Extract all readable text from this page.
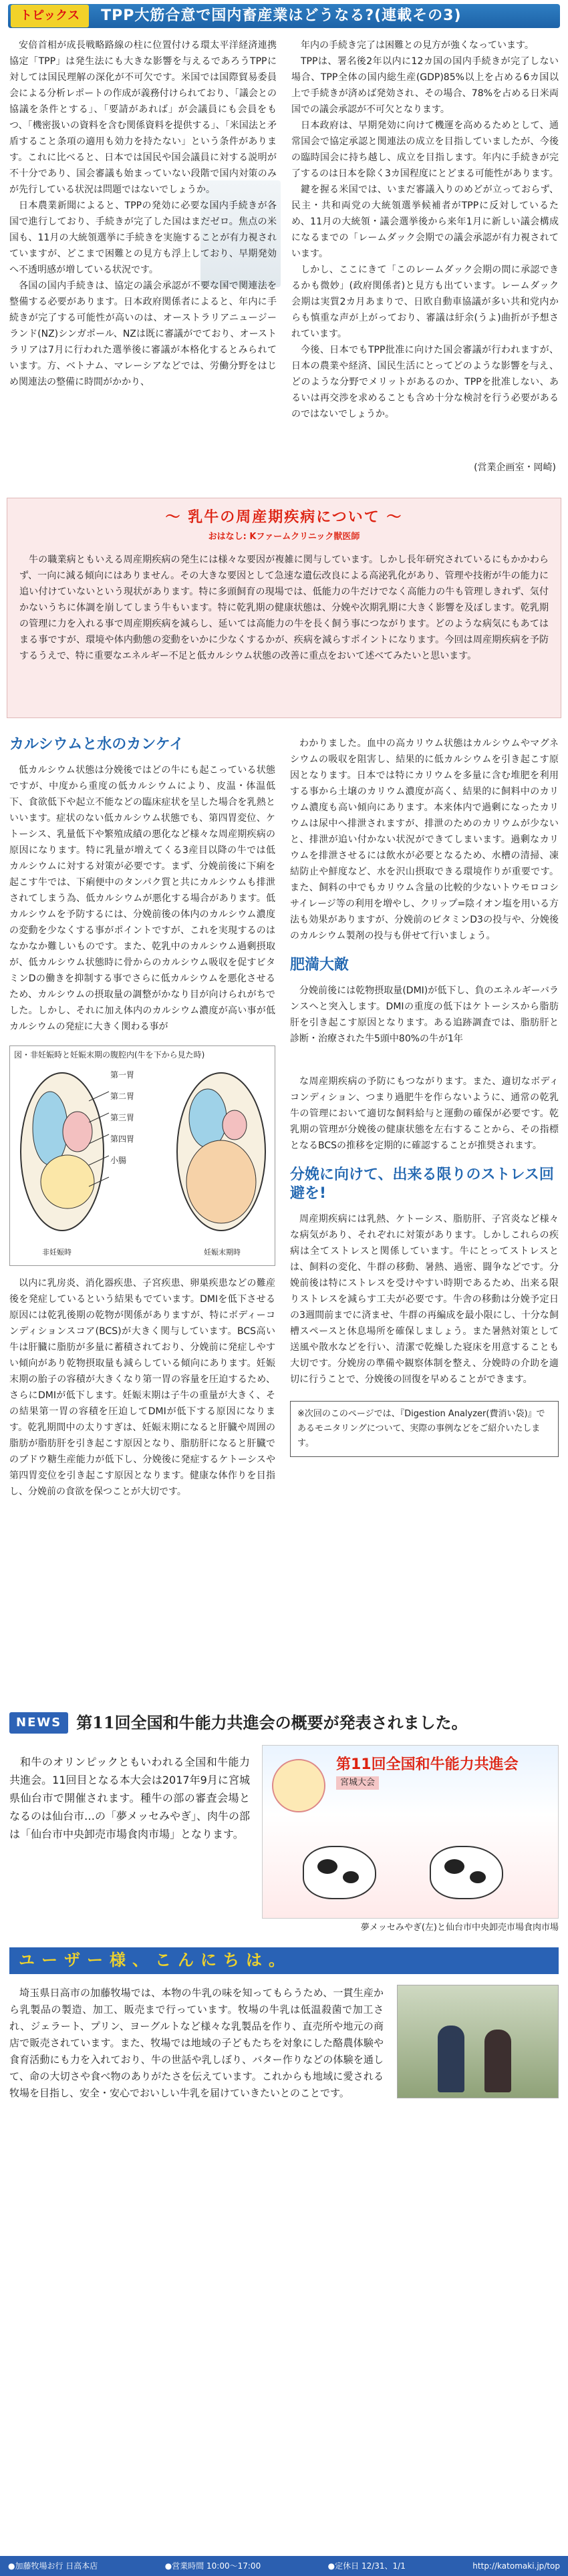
トピックス	TPP大筋合意で国内畜産業はどうなる?(連載その3)

安倍首相が成長戦略路線の柱に位置付ける環太平洋経済連携協定「TPP」は発生法にも大きな影響を与えるであろうTPPに対しては国民理解の深化が不可欠です。米国では国際貿易委員会による分析レポートの作成が義務付けられており、「議会との協議を条件とする」、「要請があれば」が会議員にも会員をもつ、「機密扱いの資料を含む関係資料を提供する」、「米国法と矛盾すること条項の適用も効力を持たない」という条件があります。これに比べると、日本では国民や国会議員に対する説明が不十分であり、国会審議も始まっていない段階で国内対策のみが先行している状況は問題ではないでしょうか。

日本農業新聞によると、TPPの発効に必要な国内手続きが各国で進行しており、手続きが完了した国はまだゼロ。焦点の米国も、11月の大統領選挙に手続きを実施することが有力視されていますが、どこまで困難との見方も浮上しており、早期発効へ不透明感が増している状況です。

各国の国内手続きは、協定の議会承認が不要な国で関連法を整備する必要があります。日本政府関係者によると、年内に手続きが完了する可能性が高いのは、オーストラリアニュージーランド(NZ)シンガポール、NZは既に審議がでており、オーストラリアは7月に行われた選挙後に審議が本格化するとみられています。方、ベトナム、マレーシアなどでは、労働分野をはじめ関連法の整備に時間がかかり、

年内の手続き完了は困難との見方が強くなっています。

TPPは、署名後2年以内に12カ国の国内手続きが完了しない場合、TPP全体の国内総生産(GDP)85%以上を占める6カ国以上で手続きが済めば発効され、その場合、78%を占める日米両国での議会承認が不可欠となります。

日本政府は、早期発効に向けて機運を高めるためとして、通常国会で協定承認と関連法の成立を目指していましたが、今後の臨時国会に持ち越し、成立を目指します。年内に手続きが完了するのは日本を除く3カ国程度にとどまる可能性があります。

鍵を握る米国では、いまだ審議入りのめどが立っておらず、民主・共和両党の大統領選挙候補者がTPPに反対しているため、11月の大統領・議会選挙後から来年1月に新しい議会構成になるまでの「レームダック会期での議会承認が有力視されています。

しかし、ここにきて「このレームダック会期の間に承認できるかも微妙」(政府関係者)と見方も出ています。レームダック会期は実質2カ月あまりで、日欧自動車協議が多い共和党内からも慎重な声が上がっており、審議は紆余(うよ)曲折が予想されています。

今後、日本でもTPP批准に向けた国会審議が行われますが、日本の農業や経済、国民生活にとってどのような影響を与え、どのような分野でメリットがあるのか、TPPを批准しない、あるいは再交渉を求めることも含め十分な検討を行う必要があるのではないでしょうか。

(営業企画室・岡崎)
～ 乳牛の周産期疾病について ～
おはなし: Kファームクリニック獣医師

牛の職業病ともいえる周産期疾病の発生には様々な要因が複雑に関与しています。しかし長年研究されているにもかかわらず、一向に減る傾向にはありません。その大きな要因として急速な遺伝改良による高泌乳化があり、管理や技術が牛の能力に追い付けていないという現状があります。特に多頭飼育の現場では、低能力の牛だけでなく高能力の牛も管理しきれず、気付かないうちに体調を崩してしまう牛もいます。特に乾乳期の健康状態は、分娩や次期乳期に大きく影響を及ぼします。乾乳期の管理に力を入れる事で周産期疾病を減らし、延いては高能力の牛を長く飼う事につながります。どのような病気にもあてはまる事ですが、環境や体内動態の変動をいかに少なくするかが、疾病を減らすポイントになります。今回は周産期疾病を予防するうえで、特に重要なエネルギー不足と低カルシウム状態の改善に重点をおいて述べてみたいと思います。

カルシウムと水のカンケイ

低カルシウム状態は分娩後ではどの牛にも起こっている状態ですが、中度から重度の低カルシウムにより、皮温・体温低下、食欲低下や起立不能などの臨床症状を呈した場合を乳熱といいます。症状のない低カルシウム状態でも、第四胃変位、ケトーシス、乳量低下や繁殖成績の悪化など様々な周産期疾病の原因になります。特に乳量が増えてくる3産目以降の牛では低カルシウムに対する対策が必要です。まず、分娩前後に下痢を起こす牛では、下痢便中のタンパク質と共にカルシウムも排泄されてしまう為、低カルシウムが悪化する場合があります。低カルシウムを予防するには、分娩前後の体内のカルシウム濃度の変動を少なくする事がポイントですが、これを実現するのはなかなか難しいものです。また、乾乳中のカルシウム過剰摂取が、低カルシウム状態時に骨からのカルシウム吸収を促すビタミンDの働きを抑制する事でさらに低カルシウムを悪化させるため、カルシウムの摂取量の調整がかなり目が向けられがちでした。しかし、それに加え体内のカルシウム濃度が高い事が低カルシウムの発症に大きく関わる事が

図・非妊娠時と妊娠末期の腹腔内(牛を下から見た時)
第一胃
第二胃
第三胃
第四胃
小腸
非妊娠時	妊娠末期時

以内に乳房炎、消化器疾患、子宮疾患、卵巣疾患などの難産後を発症しているという結果もでています。DMIを低下させる原因には乾乳後期の乾物が関係がありますが、特にボディーコンディションスコア(BCS)が大きく関与しています。BCS高い牛は肝臓に脂肪が多量に蓄積されており、分娩前に発症しやすい傾向があり乾物摂取量も減らしている傾向にあります。妊娠末期の胎子の容積が大きくなり第一胃の容量を圧迫するため、さらにDMIが低下します。妊娠末期は子牛の重量が大きく、その結果第一胃の容積を圧迫してDMIが低下する原因になります。乾乳期間中の太りすぎは、妊娠末期になると肝臓や周囲の脂肪が脂肪肝を引き起こす原因となり、脂肪肝になると肝臓でのブドウ糖生産能力が低下し、分娩後に発症するケトーシスや第四胃変位を引き起こす原因となります。健康な体作りを目指し、分娩前の食欲を保つことが大切です。

わかりました。血中の高カリウム状態はカルシウムやマグネシウムの吸収を阻害し、結果的に低カルシウムを引き起こす原因となります。日本では特にカリウムを多量に含む堆肥を利用する事から土壌のカリウム濃度が高く、結果的に飼料中のカリウム濃度も高い傾向にあります。本来体内で過剰になったカリウムは尿中へ排泄されますが、排泄のためのカリウムが少ないと、排泄が追い付かない状況ができてしまいます。過剰なカリウムを排泄させるには飲水が必要となるため、水槽の清掃、凍結防止や鮮度など、水を沢山摂取できる環境作りが重要です。また、飼料の中でもカリウム含量の比較的少ないトウモロコシサイレージ等の利用を増やし、クリップ=陰イオン塩を用いる方法も効果がありますが、分娩前のビタミンD3の投与や、分娩後のカルシウム製剤の投与も併せて行いましょう。

肥満大敵

分娩前後には乾物摂取量(DMI)が低下し、負のエネルギーバランスへと突入します。DMIの重度の低下はケトーシスから脂肪肝を引き起こす原因となります。ある追跡調査では、脂肪肝と診断・治療された牛5頭中80%の牛が1年

な周産期疾病の予防にもつながります。また、適切なボディコンディション、つまり過肥牛を作らないように、通常の乾乳牛の管理において適切な飼料給与と運動の確保が必要です。乾乳期の管理が分娩後の健康状態を左右することから、その指標となるBCSの推移を定期的に確認することが推奨されます。

分娩に向けて、出来る限りのストレス回避を!

周産期疾病には乳熱、ケトーシス、脂肪肝、子宮炎など様々な病気があり、それぞれに対策があります。しかしこれらの疾病は全てストレスと関係しています。牛にとってストレスとは、飼料の変化、牛群の移動、暑熱、過密、闘争などです。分娩前後は特にストレスを受けやすい時期であるため、出来る限りストレスを減らす工夫が必要です。牛舎の移動は分娩予定日の3週間前までに済ませ、牛群の再編成を最小限にし、十分な飼槽スペースと休息場所を確保しましょう。また暑熱対策として送風や散水などを行い、清潔で乾燥した寝床を用意することも大切です。分娩房の準備や観察体制を整え、分娩時の介助を適切に行うことで、分娩後の回復を早めることができます。

※次回のこのページでは、『Digestion Analyzer(費消い袋)』であるモニタリングについて、実際の事例などをご紹介いたします。
NEWS 第11回全国和牛能力共進会の概要が発表されました。

和牛のオリンピックともいわれる全国和牛能力共進会。11回目となる本大会は2017年9月に宮城県仙台市で開催されます。種牛の部の審査会場となるのは仙台市…の「夢メッセみやぎ」、肉牛の部は「仙台市中央卸売市場食肉市場」となります。

第11回全国和牛能力共進会
宮城大会
夢メッセみやぎ(左)と仙台市中央卸売市場食肉市場
ユーザー様、こんにちは。

埼玉県日高市の加藤牧場では、本物の牛乳の味を知ってもらうため、一貫生産から乳製品の製造、加工、販売まで行っています。牧場の牛乳は低温殺菌で加工され、ジェラート、プリン、ヨーグルトなど様々な乳製品を作り、直売所や地元の商店で販売されています。また、牧場では地域の子どもたちを対象にした酪農体験や食育活動にも力を入れており、牛の世話や乳しぼり、バター作りなどの体験を通して、命の大切さや食べ物のありがたさを伝えています。これからも地域に愛される牧場を目指し、安全・安心でおいしい牛乳を届けていきたいとのことです。

●加藤牧場お行 日高本店	●営業時間 10:00〜17:00	●定休日 12/31、1/1	http://katomaki.jp/top
